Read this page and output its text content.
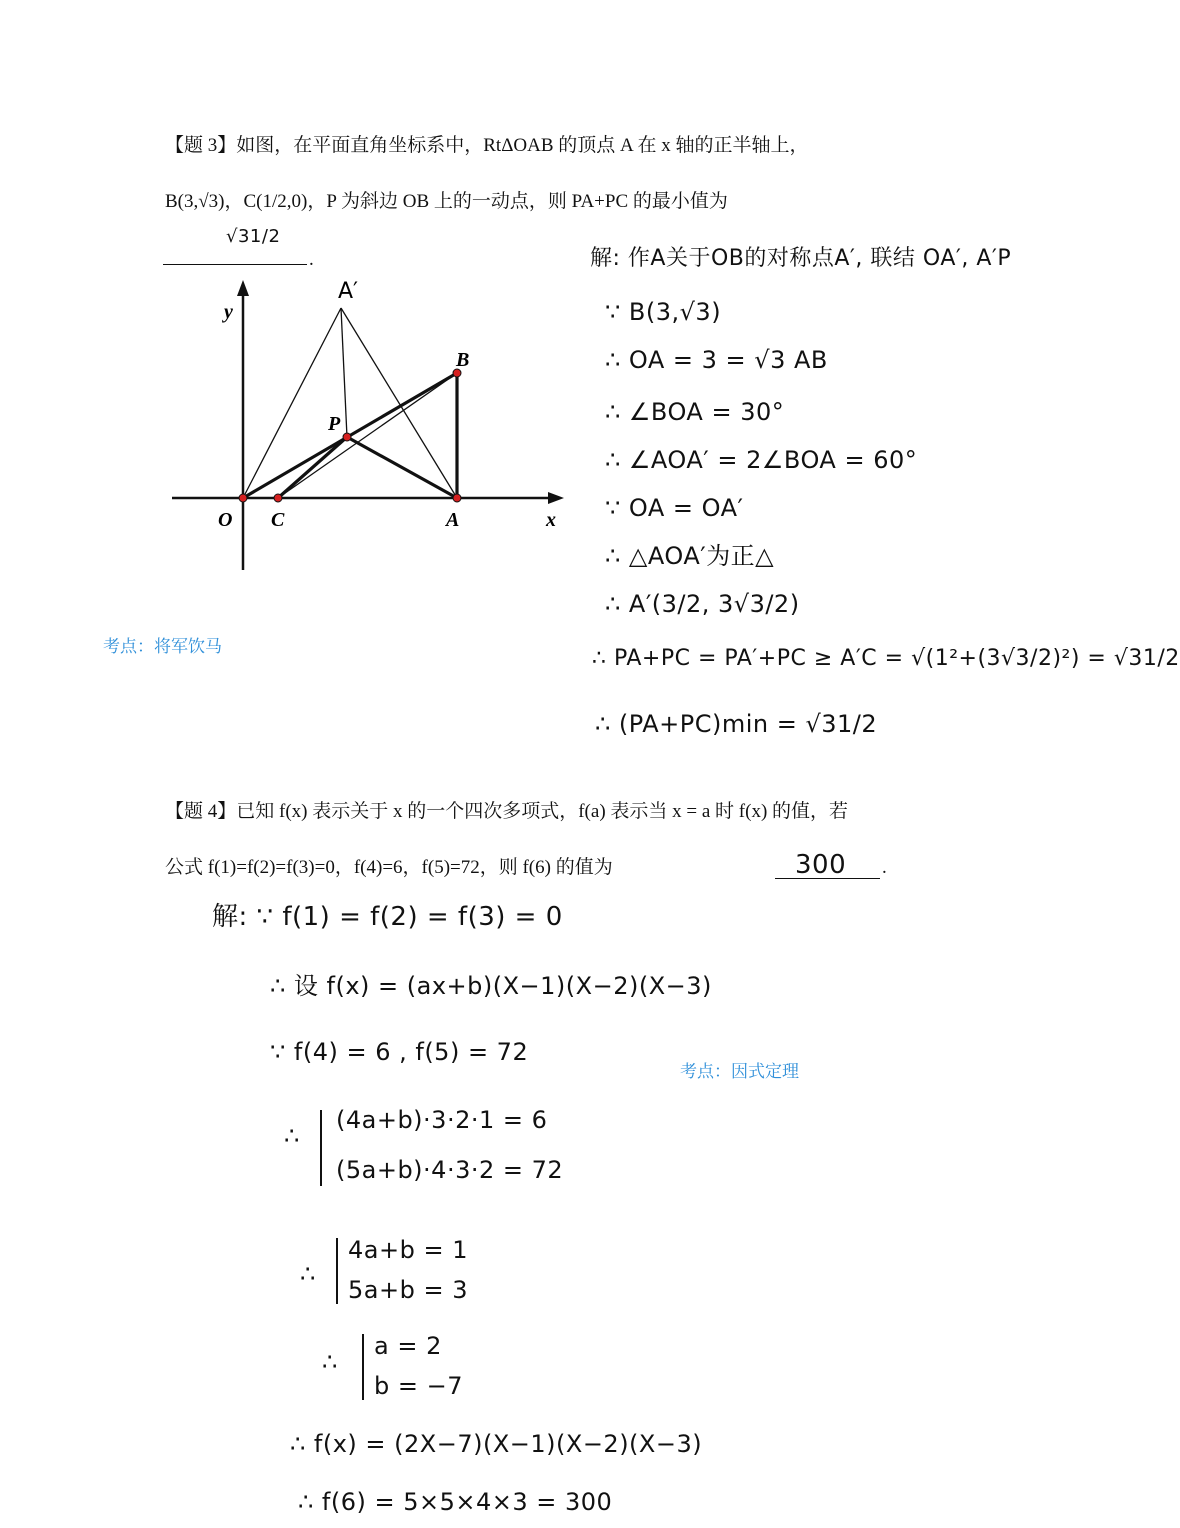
【题 3】如图，在平面直角坐标系中，RtΔOAB 的顶点 A 在 x 轴的正半轴上，
B(3,√3)，C(1/2,0)，P 为斜边 OB 上的一动点，则 PA+PC 的最小值为
√31/2
.
y
x
O C	A
B
P
A′
考点：将军饮马
解: 作A关于OB的对称点A′, 联结 OA′, A′P
∵ B(3,√3)
∴ OA = 3 = √3 AB
∴ ∠BOA = 30°
∴ ∠AOA′ = 2∠BOA = 60°
∵ OA = OA′
∴ △AOA′为正△
∴ A′(3/2, 3√3/2)
∴ PA+PC = PA′+PC ≥ A′C = √(1²+(3√3/2)²) = √31/2
∴ (PA+PC)min = √31/2
【题 4】已知 f(x) 表示关于 x 的一个四次多项式，f(a) 表示当 x = a 时 f(x) 的值，若
公式 f(1)=f(2)=f(3)=0，f(4)=6，f(5)=72，则 f(6) 的值为	300 .
考点：因式定理
解: ∵ f(1) = f(2) = f(3) = 0
∴ 设 f(x) = (ax+b)(X−1)(X−2)(X−3)
∵ f(4) = 6 , f(5) = 72
∴
(4a+b)·3·2·1 = 6
(5a+b)·4·3·2 = 72
∴
4a+b = 1
5a+b = 3
∴
a = 2
b = −7
∴ f(x) = (2X−7)(X−1)(X−2)(X−3)
∴ f(6) = 5×5×4×3 = 300
